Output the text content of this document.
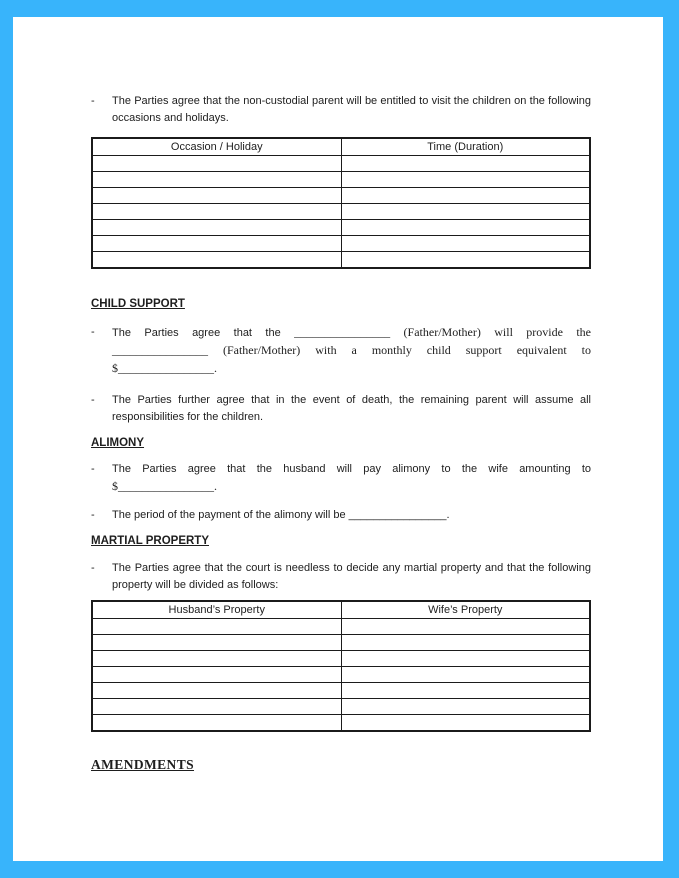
-	The Parties agree that the non-custodial parent will be entitled to visit the children on the following occasions and holidays.
Occasion / Holiday	Time (Duration)

CHILD SUPPORT
-	The Parties agree that the ________________ (Father/Mother) will provide the ________________ (Father/Mother) with a monthly child support equivalent to $________________.
-	The Parties further agree that in the event of death, the remaining parent will assume all responsibilities for the children.
ALIMONY
-	The Parties agree that the husband will pay alimony to the wife amounting to $________________.
-	The period of the payment of the alimony will be ________________.
MARTIAL PROPERTY
-	The Parties agree that the court is needless to decide any martial property and that the following property will be divided as follows:
Husband’s Property	Wife’s Property

AMENDMENTS
